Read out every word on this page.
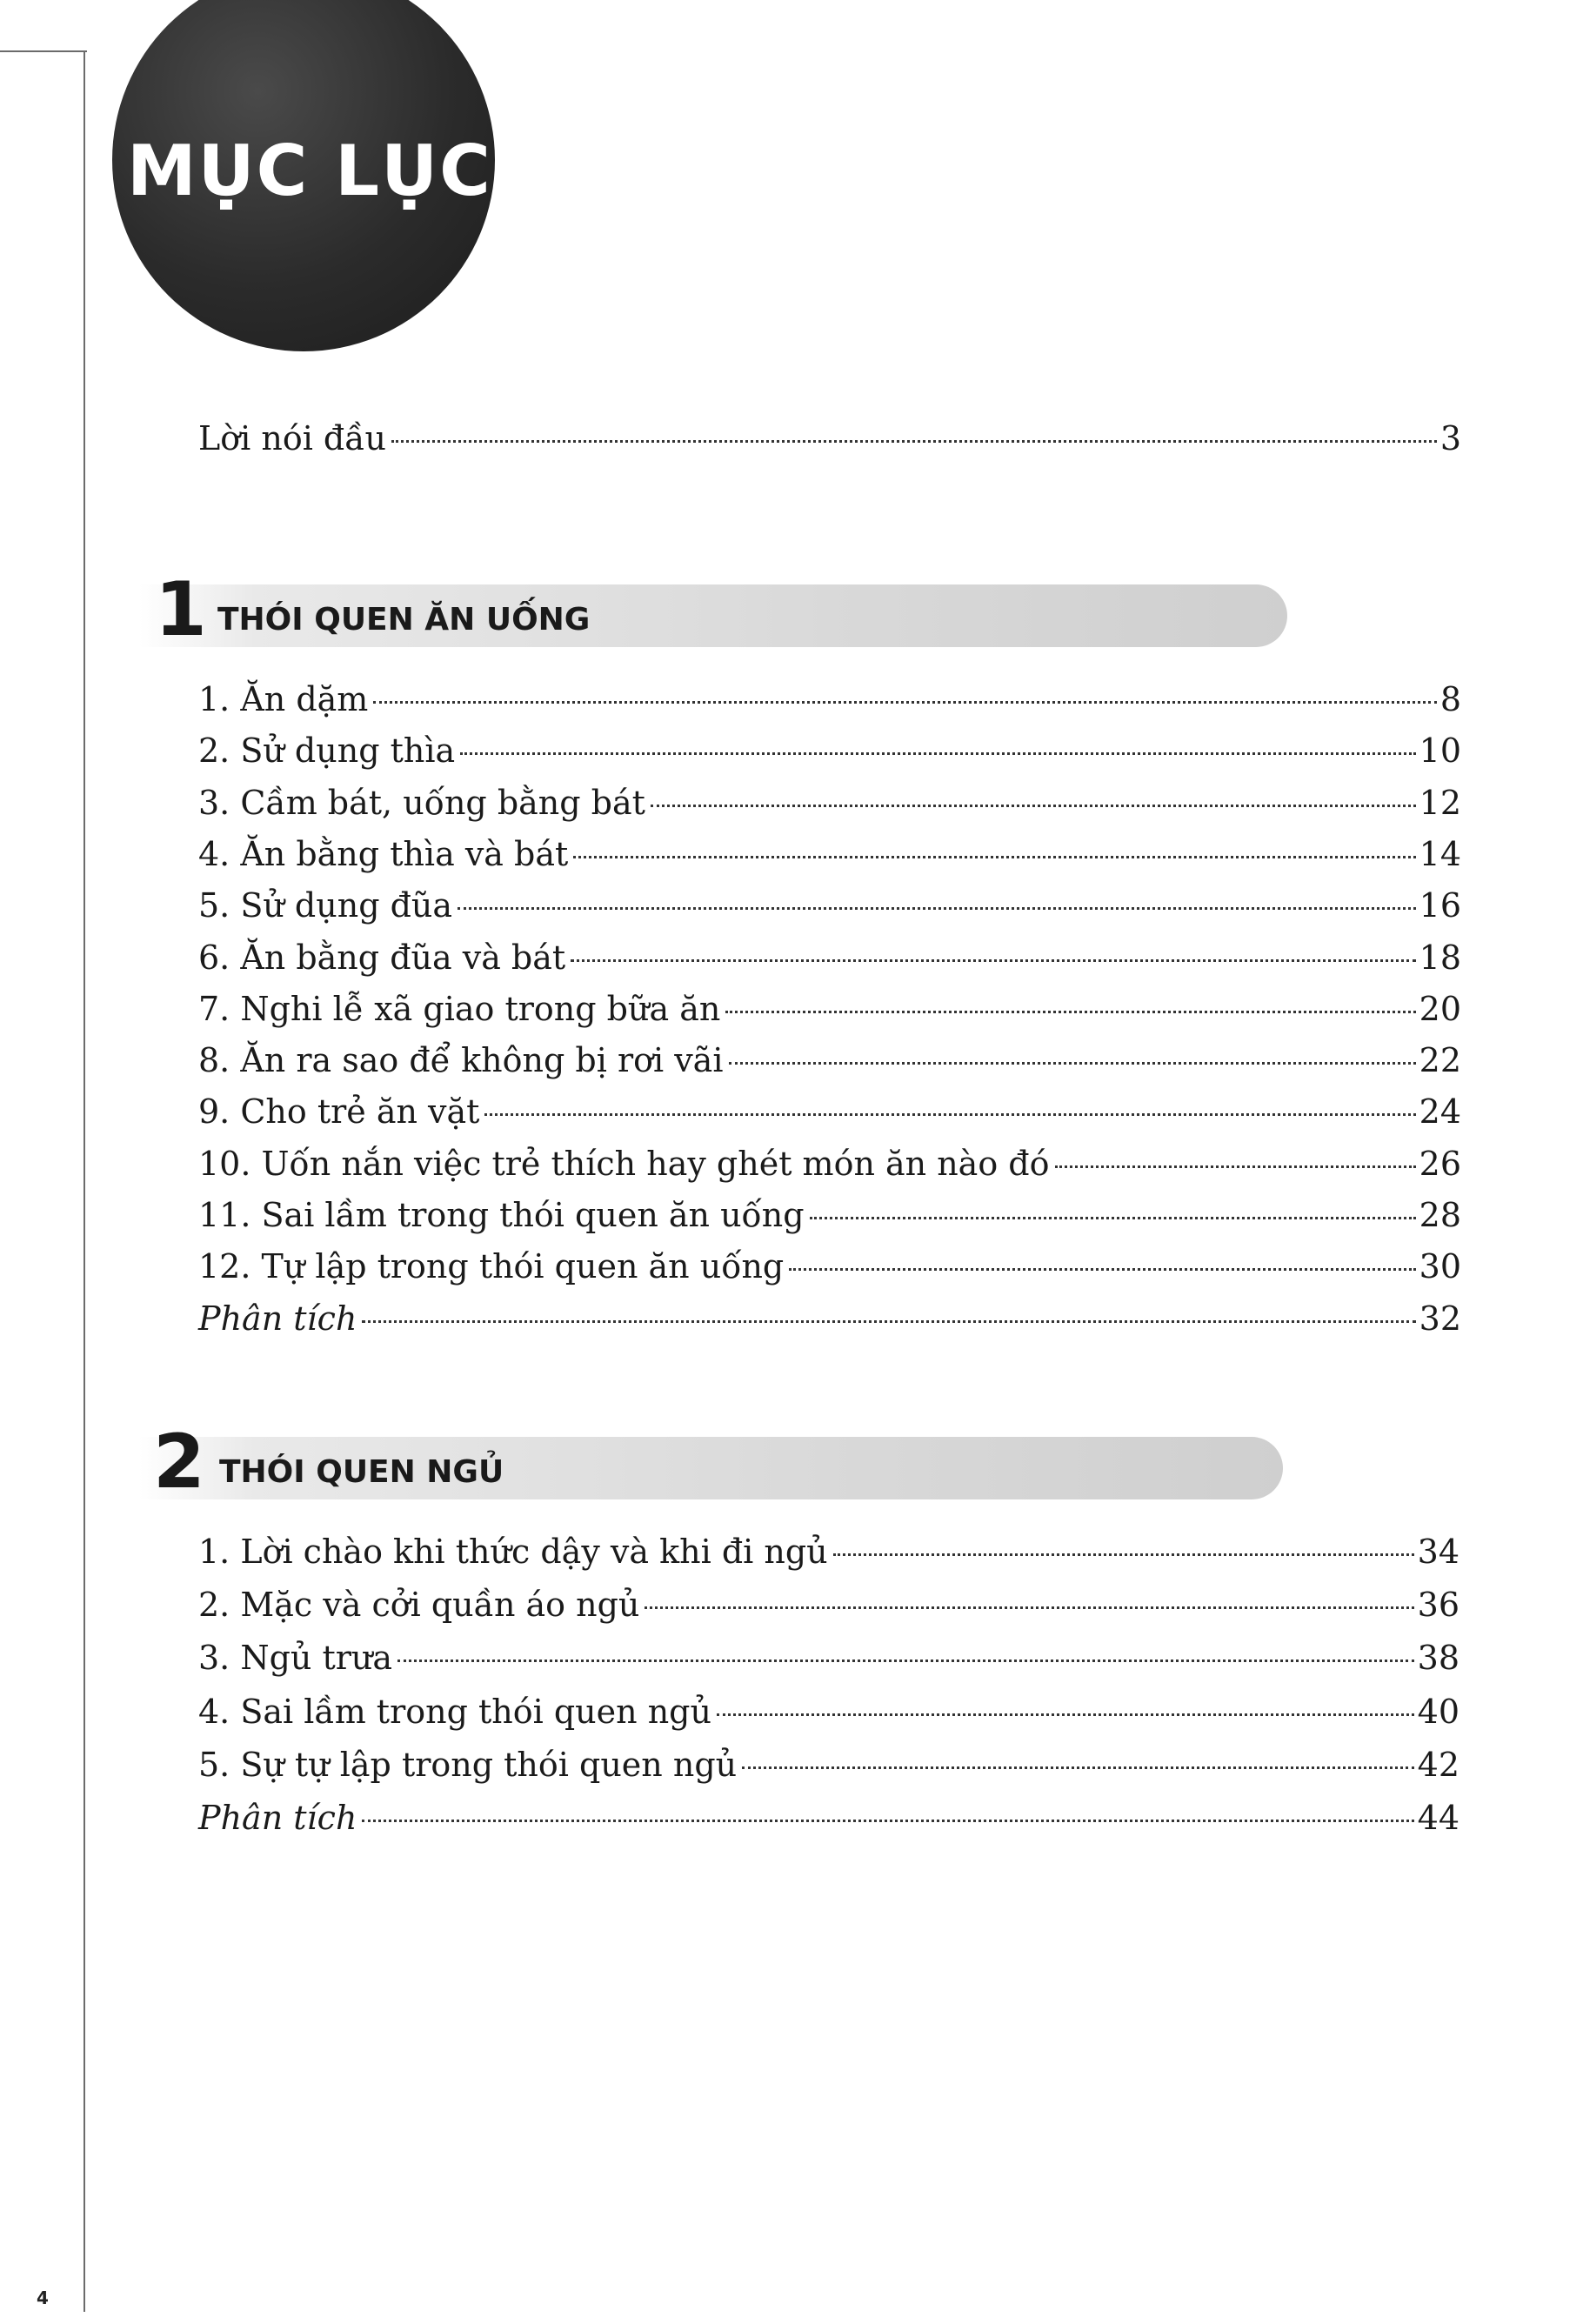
MỤC LỤC
Lời nói đầu	3
1 THÓI QUEN ĂN UỐNG
1. Ăn dặm	8
2. Sử dụng thìa	10
3. Cầm bát, uống bằng bát	12
4. Ăn bằng thìa và bát	14
5. Sử dụng đũa	16
6. Ăn bằng đũa và bát	18
7. Nghi lễ xã giao trong bữa ăn	20
8. Ăn ra sao để không bị rơi vãi	22
9. Cho trẻ ăn vặt	24
10. Uốn nắn việc trẻ thích hay ghét món ăn nào đó	26
11. Sai lầm trong thói quen ăn uống	28
12. Tự lập trong thói quen ăn uống	30
Phân tích	32
2 THÓI QUEN NGỦ
1. Lời chào khi thức dậy và khi đi ngủ	34
2. Mặc và cởi quần áo ngủ	36
3. Ngủ trưa	38
4. Sai lầm trong thói quen ngủ	40
5. Sự tự lập trong thói quen ngủ	42
Phân tích	44
4
